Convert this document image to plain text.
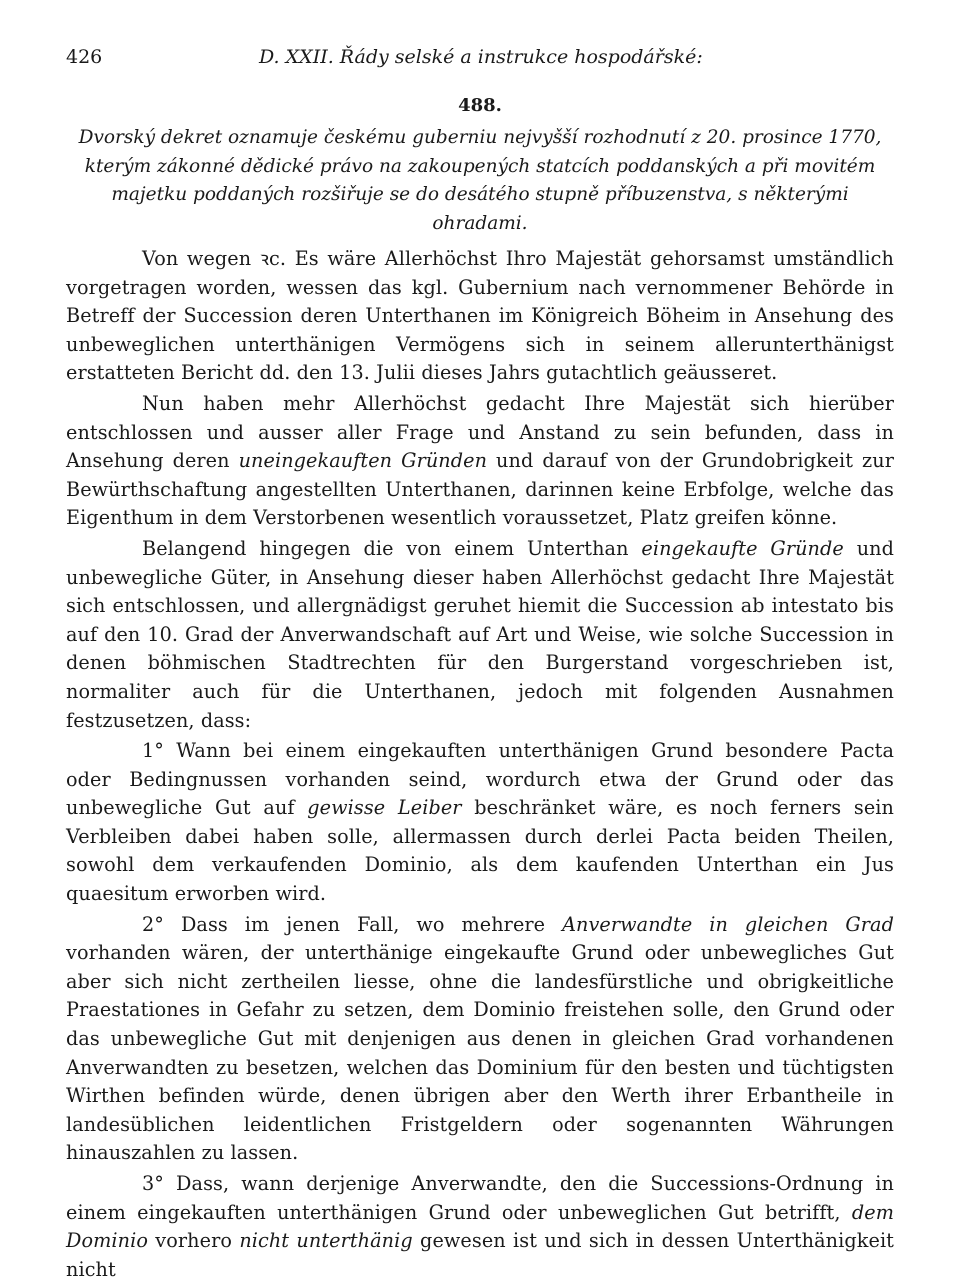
426	D. XXII. Řády selské a instrukce hospodářské:
488.
Dvorský dekret oznamuje českému guberniu nejvyšší rozhodnutí z 20. prosince 1770, kterým zákonné dědické právo na zakoupených statcích poddanských a při movitém majetku poddaných rozšiřuje se do desátého stupně příbuzenstva, s některými ohradami.

Von wegen ꝛc. Es wäre Allerhöchst Ihro Majestät gehorsamst umständlich vorgetragen worden, wessen das kgl. Gubernium nach vernommener Behörde in Betreff der Succession deren Unterthanen im Königreich Böheim in Ansehung des unbeweglichen unterthänigen Vermögens sich in seinem allerunterthänigst erstatteten Bericht dd. den 13. Julii dieses Jahrs gutachtlich geäusseret.

Nun haben mehr Allerhöchst gedacht Ihre Majestät sich hierüber entschlossen und ausser aller Frage und Anstand zu sein befunden, dass in Ansehung deren uneingekauften Gründen und darauf von der Grundobrigkeit zur Bewürthschaftung angestellten Unterthanen, darinnen keine Erbfolge, welche das Eigenthum in dem Verstorbenen wesentlich voraussetzet, Platz greifen könne.

Belangend hingegen die von einem Unterthan eingekaufte Gründe und unbewegliche Güter, in Ansehung dieser haben Allerhöchst gedacht Ihre Majestät sich entschlossen, und allergnädigst geruhet hiemit die Succession ab intestato bis auf den 10. Grad der Anverwandschaft auf Art und Weise, wie solche Succession in denen böhmischen Stadtrechten für den Burgerstand vorgeschrieben ist, normaliter auch für die Unterthanen, jedoch mit folgenden Ausnahmen festzusetzen, dass:

1° Wann bei einem eingekauften unterthänigen Grund besondere Pacta oder Bedingnussen vorhanden seind, wordurch etwa der Grund oder das unbewegliche Gut auf gewisse Leiber beschränket wäre, es noch ferners sein Verbleiben dabei haben solle, allermassen durch derlei Pacta beiden Theilen, sowohl dem verkaufenden Dominio, als dem kaufenden Unterthan ein Jus quaesitum erworben wird.

2° Dass im jenen Fall, wo mehrere Anverwandte in gleichen Grad vorhanden wären, der unterthänige eingekaufte Grund oder unbewegliches Gut aber sich nicht zertheilen liesse, ohne die landesfürstliche und obrigkeitliche Praestationes in Gefahr zu setzen, dem Dominio freistehen solle, den Grund oder das unbewegliche Gut mit denjenigen aus denen in gleichen Grad vorhandenen Anverwandten zu besetzen, welchen das Dominium für den besten und tüchtigsten Wirthen befinden würde, denen übrigen aber den Werth ihrer Erbantheile in landesüblichen leidentlichen Fristgeldern oder sogenannten Währungen hinauszahlen zu lassen.

3° Dass, wann derjenige Anverwandte, den die Successions-Ordnung in einem eingekauften unterthänigen Grund oder unbeweglichen Gut betrifft, dem Dominio vorhero nicht unterthänig gewesen ist und sich in dessen Unterthänigkeit nicht
